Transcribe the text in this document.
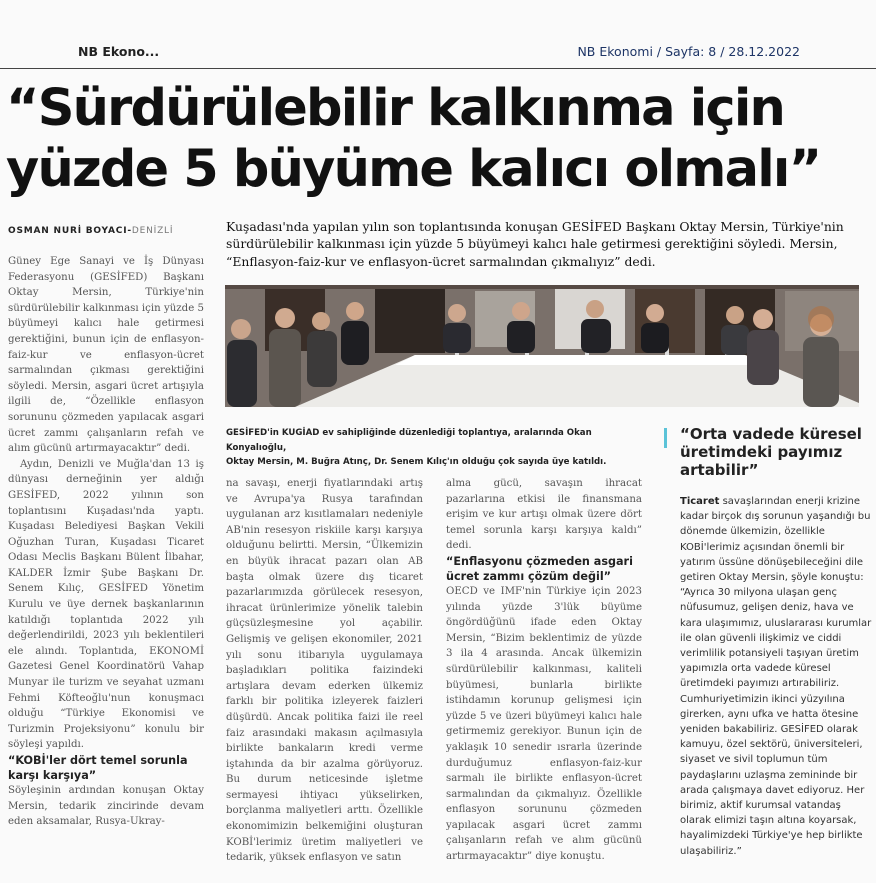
NB Ekono...	NB Ekonomi / Sayfa: 8 / 28.12.2022
“Sürdürülebilir kalkınma için
yüzde 5 büyüme kalıcı olmalı”
OSMAN NURİ BOYACI-DENİZLİ	Kuşadası'nda yapılan yılın son toplantısında konuşan GESİFED Başkanı Oktay Mersin, Türkiye'nin sürdürülebilir kalkınması için yüzde 5 büyümeyi kalıcı hale getirmesi gerektiğini söyledi. Mersin, “Enflasyon-faiz-kur ve enflasyon-ücret sarmalından çıkmalıyız” dedi.
GESİFED'in KUGİAD ev sahipliğinde düzenlediği toplantıya, aralarında Okan Konyalıoğlu,
Oktay Mersin, M. Buğra Atınç, Dr. Senem Kılıç'ın olduğu çok sayıda üye katıldı.

Güney Ege Sanayi ve İş Dünyası Federasyonu (GESİFED) Başkanı Oktay Mersin, Türkiye'nin sürdürülebilir kalkınması için yüzde 5 büyümeyi kalıcı hale getirmesi gerektiğini, bunun için de enflasyon-faiz-kur ve enflasyon-ücret sarmalından çıkması gerektiğini söyledi. Mersin, asgari ücret artışıyla ilgili de, “Özellikle enflasyon sorununu çözmeden yapılacak asgari ücret zammı çalışanların refah ve alım gücünü artırmayacaktır” dedi.

Aydın, Denizli ve Muğla'dan 13 iş dünyası derneğinin yer aldığı GESİFED, 2022 yılının son toplantısını Kuşadası'nda yaptı. Kuşadası Belediyesi Başkan Vekili Oğuzhan Turan, Kuşadası Ticaret Odası Meclis Başkanı Bülent İlbahar, KALDER İzmir Şube Başkanı Dr. Senem Kılıç, GESİFED Yönetim Kurulu ve üye dernek başkanlarının katıldığı toplantıda 2022 yılı değerlendirildi, 2023 yılı beklentileri ele alındı. Toplantıda, EKONOMİ Gazetesi Genel Koordinatörü Vahap Munyar ile turizm ve seyahat uzmanı Fehmi Köfteoğlu'nun konuşmacı olduğu “Türkiye Ekonomisi ve Turizmin Projeksiyonu” konulu bir söyleşi yapıldı.

“KOBİ'ler dört temel sorunla karşı karşıya”

Söyleşinin ardından konuşan Oktay Mersin, tedarik zincirinde devam eden aksamalar, Rusya-Ukray-

na savaşı, enerji fiyatlarındaki artış ve Avrupa'ya Rusya tarafından uygulanan arz kısıtlamaları nedeniyle AB'nin resesyon riskiile karşı karşıya olduğunu belirtti. Mersin, “Ülkemizin en büyük ihracat pazarı olan AB başta olmak üzere dış ticaret pazarlarımızda görülecek resesyon, ihracat ürünlerimize yönelik talebin güçsüzleşmesine yol açabilir. Gelişmiş ve gelişen ekonomiler, 2021 yılı sonu itibarıyla uygulamaya başladıkları politika faizindeki artışlara devam ederken ülkemiz farklı bir politika izleyerek faizleri düşürdü. Ancak politika faizi ile reel faiz arasındaki makasın açılmasıyla birlikte bankaların kredi verme iştahında da bir azalma görüyoruz. Bu durum neticesinde işletme sermayesi ihtiyacı yükselirken, borçlanma maliyetleri arttı. Özellikle ekonomimizin belkemiğini oluşturan KOBİ'lerimiz üretim maliyetleri ve tedarik, yüksek enflasyon ve satın

alma gücü, savaşın ihracat pazarlarına etkisi ile finansmana erişim ve kur artışı olmak üzere dört temel sorunla karşı karşıya kaldı” dedi.

“Enflasyonu çözmeden asgari ücret zammı çözüm değil”

OECD ve IMF'nin Türkiye için 2023 yılında yüzde 3'lük büyüme öngördüğünü ifade eden Oktay Mersin, “Bizim beklentimiz de yüzde 3 ila 4 arasında. Ancak ülkemizin sürdürülebilir kalkınması, kaliteli büyümesi, bunlarla birlikte istihdamın korunup gelişmesi için yüzde 5 ve üzeri büyümeyi kalıcı hale getirmemiz gerekiyor. Bunun için de yaklaşık 10 senedir ısrarla üzerinde durduğumuz enflasyon-faiz-kur sarmalı ile birlikte enflasyon-ücret sarmalından da çıkmalıyız. Özellikle enflasyon sorununu çözmeden yapılacak asgari ücret zammı çalışanların refah ve alım gücünü artırmayacaktır” diye konuştu.

“Orta vadede küresel üretimdeki payımız artabilir”

Ticaret savaşlarından enerji krizine kadar birçok dış sorunun yaşandığı bu dönemde ülkemizin, özellikle KOBİ'lerimiz açısından önemli bir yatırım üssüne dönüşebileceğini dile getiren Oktay Mersin, şöyle konuştu: “Ayrıca 30 milyona ulaşan genç nüfusumuz, gelişen deniz, hava ve kara ulaşımımız, uluslararası kurumlar ile olan güvenli ilişkimiz ve ciddi verimlilik potansiyeli taşıyan üretim yapımızla orta vadede küresel üretimdeki payımızı artırabiliriz. Cumhuriyetimizin ikinci yüzyılına girerken, aynı ufka ve hatta ötesine yeniden bakabiliriz. GESİFED olarak kamuyu, özel sektörü, üniversiteleri, siyaset ve sivil toplumun tüm paydaşlarını uzlaşma zemininde bir arada çalışmaya davet ediyoruz. Her birimiz, aktif kurumsal vatandaş olarak elimizi taşın altına koyarsak, hayalimizdeki Türkiye'ye hep birlikte ulaşabiliriz.”
